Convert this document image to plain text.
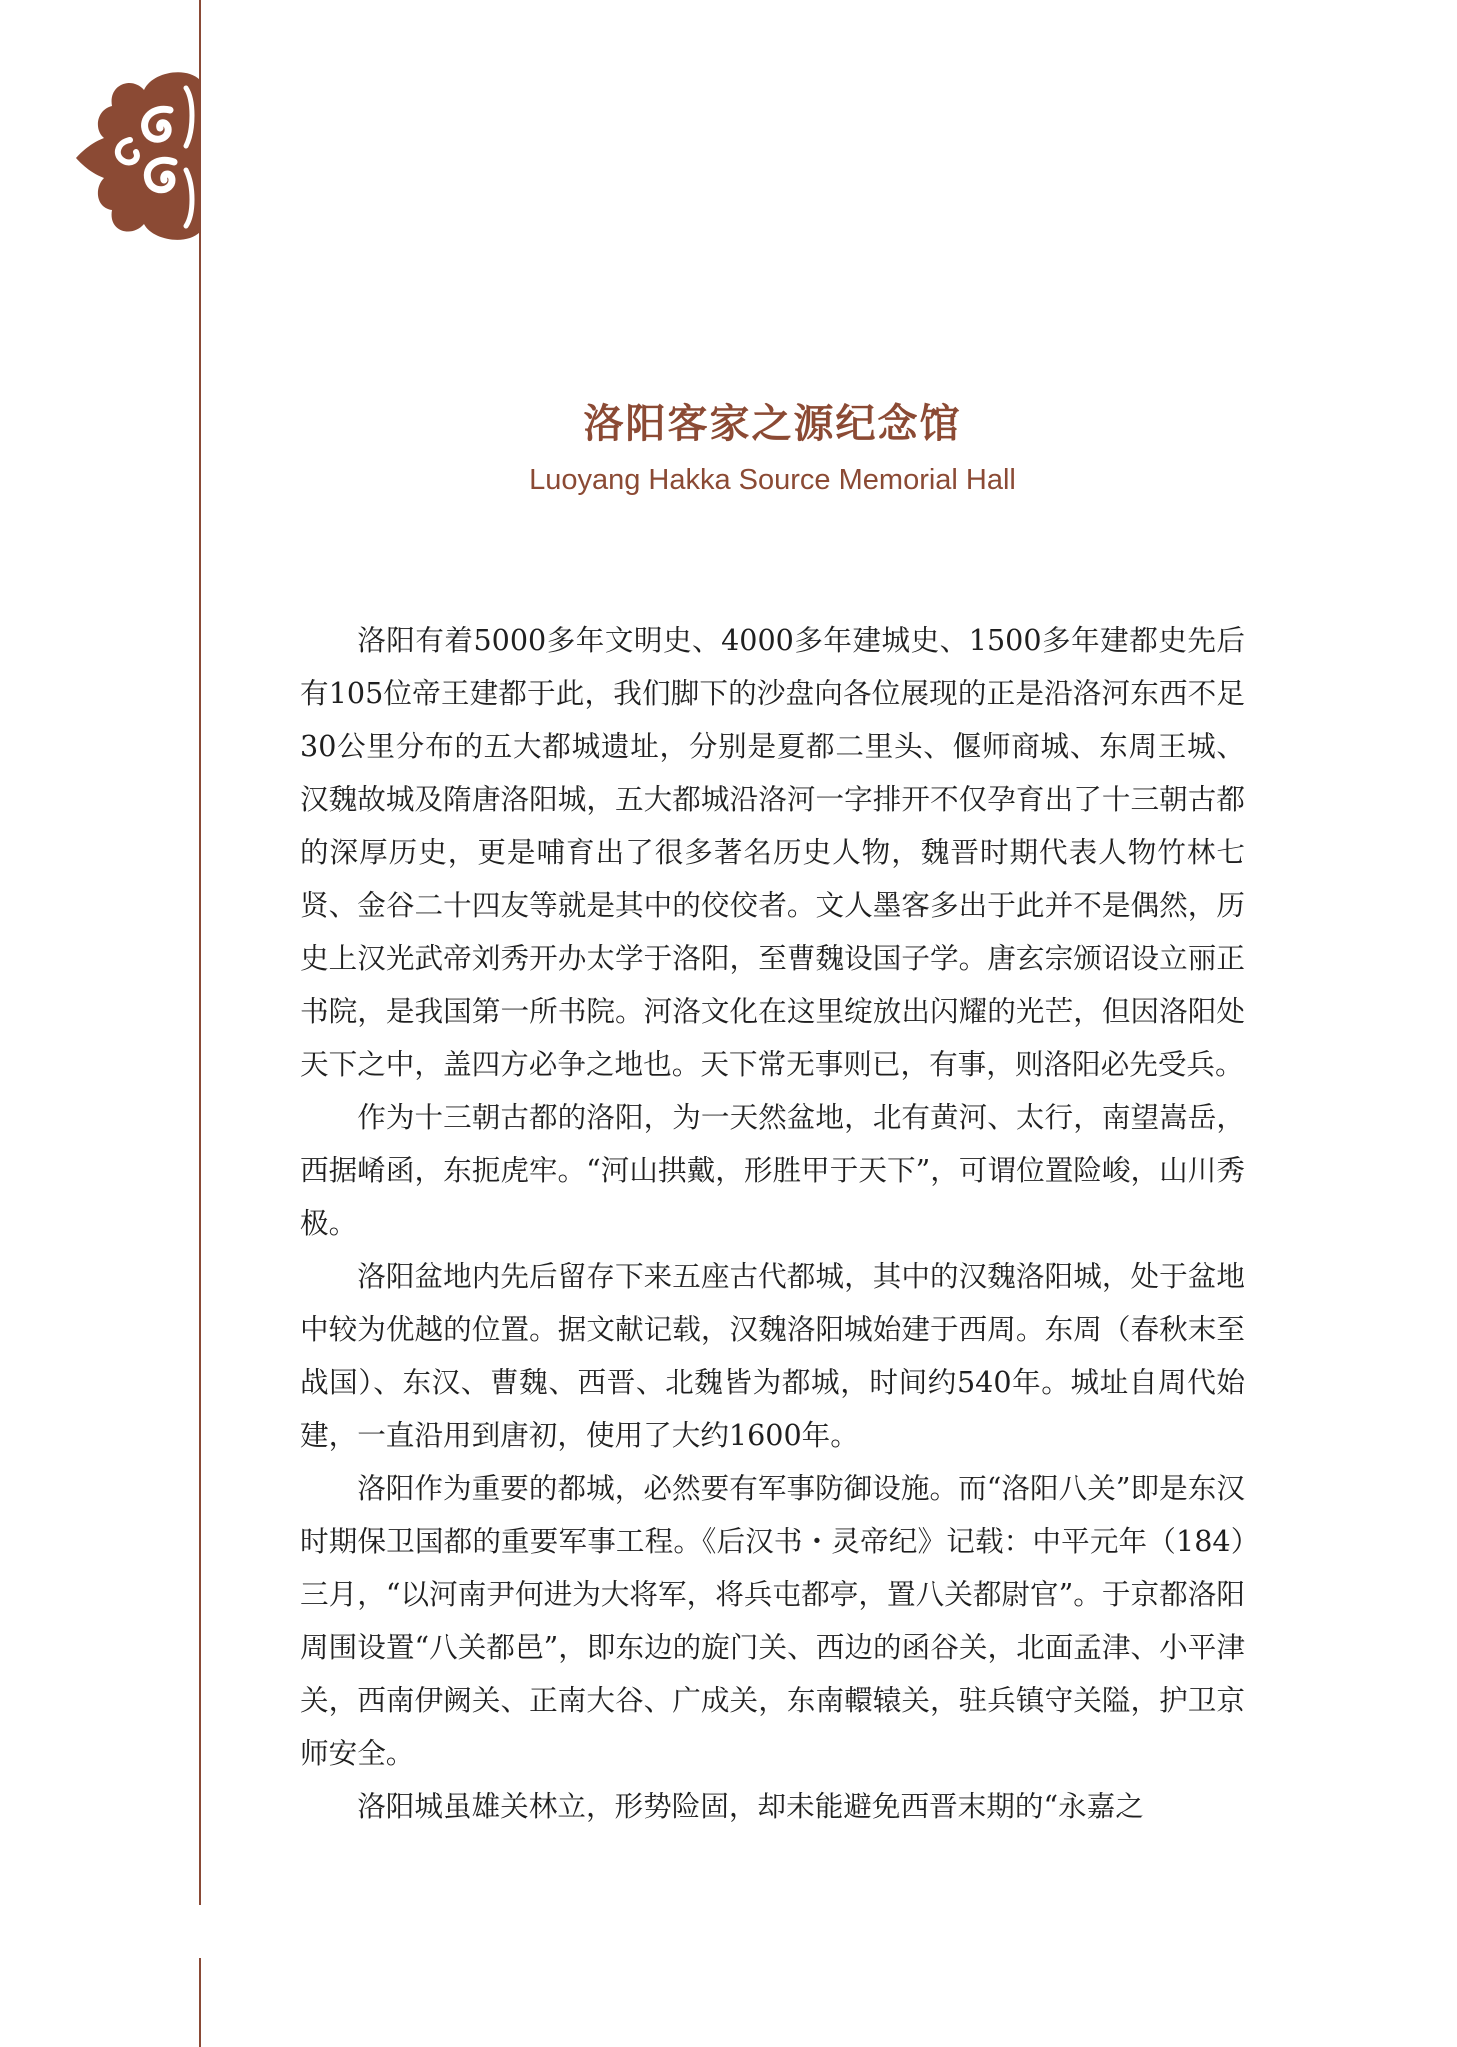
洛阳客家之源纪念馆
Luoyang Hakka Source Memorial Hall

洛阳有着5000多年文明史、4000多年建城史、1500多年建都史先后有105位帝王建都于此，我们脚下的沙盘向各位展现的正是沿洛河东西不足30公里分布的五大都城遗址，分别是夏都二里头、偃师商城、东周王城、汉魏故城及隋唐洛阳城，五大都城沿洛河一字排开不仅孕育出了十三朝古都的深厚历史，更是哺育出了很多著名历史人物，魏晋时期代表人物竹林七贤、金谷二十四友等就是其中的佼佼者。文人墨客多出于此并不是偶然，历史上汉光武帝刘秀开办太学于洛阳，至曹魏设国子学。唐玄宗颁诏设立丽正书院，是我国第一所书院。河洛文化在这里绽放出闪耀的光芒，但因洛阳处天下之中，盖四方必争之地也。天下常无事则已，有事，则洛阳必先受兵。

作为十三朝古都的洛阳，为一天然盆地，北有黄河、太行，南望嵩岳，西据崤函，东扼虎牢。“河山拱戴，形胜甲于天下”，可谓位置险峻，山川秀极。

洛阳盆地内先后留存下来五座古代都城，其中的汉魏洛阳城，处于盆地中较为优越的位置。据文献记载，汉魏洛阳城始建于西周。东周（春秋末至战国）、东汉、曹魏、西晋、北魏皆为都城，时间约540年。城址自周代始建，一直沿用到唐初，使用了大约1600年。

洛阳作为重要的都城，必然要有军事防御设施。而“洛阳八关”即是东汉时期保卫国都的重要军事工程。《后汉书・灵帝纪》记载：中平元年（184）三月，“以河南尹何进为大将军，将兵屯都亭，置八关都尉官”。于京都洛阳周围设置“八关都邑”，即东边的旋门关、西边的函谷关，北面孟津、小平津关，西南伊阙关、正南大谷、广成关，东南轘辕关，驻兵镇守关隘，护卫京师安全。

洛阳城虽雄关林立，形势险固，却未能避免西晋末期的“永嘉之
